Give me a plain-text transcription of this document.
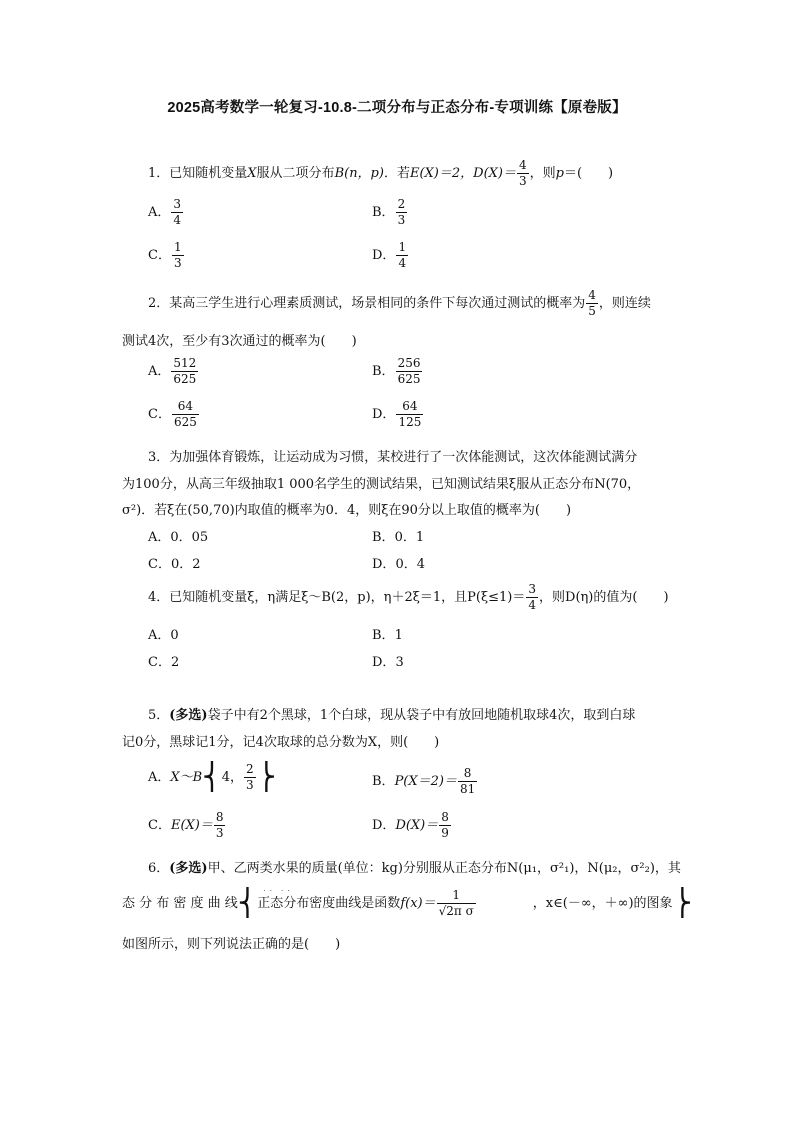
2025高考数学一轮复习-10.8-二项分布与正态分布-专项训练【原卷版】
1．已知随机变量X服从二项分布B(n，p)．若E(X)＝2，$D(X)= \frac{4}{3}$ ，则p＝(　　)
A． $\frac{3}{4}$	B． $\frac{2}{3}$
C． $\frac{1}{3}$	D． $\frac{1}{4}$
2．某高三学生进行心理素质测试，场景相同的条件下每次通过测试的概率为 $\frac{4}{5}$ ，则连续
测试4次，至少有3次通过的概率为(　　)
A． $\frac{512}{625}$	B． $\frac{256}{625}$
C． $\frac{64}{625}$	D． $\frac{64}{125}$
3．为加强体育锻炼，让运动成为习惯，某校进行了一次体能测试，这次体能测试满分
为100分，从高三年级抽取1 000名学生的测试结果，已知测试结果ξ服从正态分布N(70，
σ²)．若ξ在(50,70)内取值的概率为0．4，则ξ在90分以上取值的概率为(　　)
A．0．05	B．0．1
C．0．2	D．0．4
4．已知随机变量ξ，η满足ξ～B(2，p)，η＋2ξ＝1，且$P(\xi\le 1)= \frac{3}{4}$ ，则D(η)的值为(　　)
A．0	B．1
C．2	D．3
5．(多选)袋子中有2个黑球，1个白球，现从袋子中有放回地随机取球4次，取到白球
记0分，黑球记1分，记4次取球的总分数为X，则(　　)
A．X～B⎨4， $\frac{2}{3}$ ⎬	B．$P(X=2)= \frac{8}{81}$
C．$E(X)= \frac{8}{3}$	D．$D(X)= \frac{8}{9}$
6．(多选)甲、乙两类水果的质量(单位：kg)分别服从正态分布N(μ₁，σ²₁)，N(μ₂，σ²₂)，其
态 分 布 密 度 曲 线⎨ · ·　· ·
正态分布密度曲线是函数$f(x)= \frac{1}{\text{√2π σ}}$	，x∈(－∞，＋∞)的图象⎬
如图所示，则下列说法正确的是(　　)
